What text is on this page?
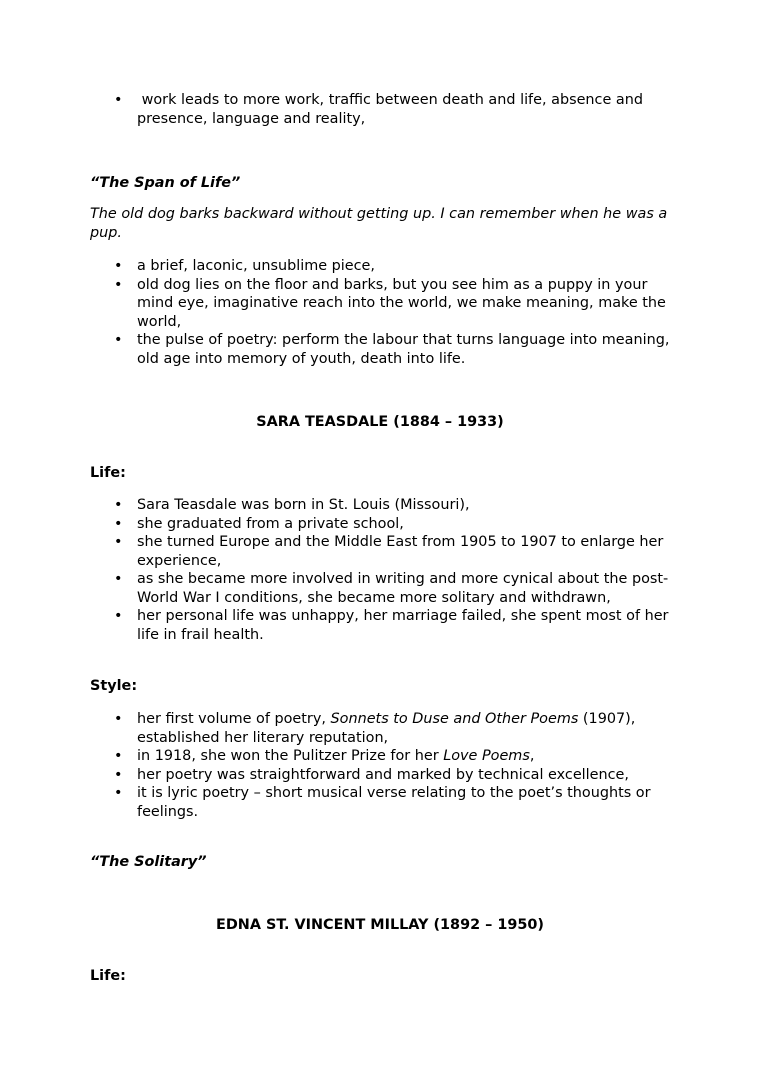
•  work leads to more work, traffic between death and life, absence and presence, language and reality,

“The Span of Life”

The old dog barks backward without getting up. I can remember when he was a pup.

• a brief, laconic, unsublime piece,
• old dog lies on the floor and barks, but you see him as a puppy in your mind eye, imaginative reach into the world, we make meaning, make the world,
• the pulse of poetry: perform the labour that turns language into meaning, old age into memory of youth, death into life.

SARA TEASDALE (1884 – 1933)

Life:

• Sara Teasdale was born in St. Louis (Missouri),
• she graduated from a private school,
• she turned Europe and the Middle East from 1905 to 1907 to enlarge her experience,
• as she became more involved in writing and more cynical about the post-World War I conditions, she became more solitary and withdrawn,
• her personal life was unhappy, her marriage failed, she spent most of her life in frail health.

Style:

• her first volume of poetry, Sonnets to Duse and Other Poems (1907), established her literary reputation,
• in 1918, she won the Pulitzer Prize for her Love Poems,
• her poetry was straightforward and marked by technical excellence,
• it is lyric poetry – short musical verse relating to the poet’s thoughts or feelings.

“The Solitary”

EDNA ST. VINCENT MILLAY (1892 – 1950)

Life:
